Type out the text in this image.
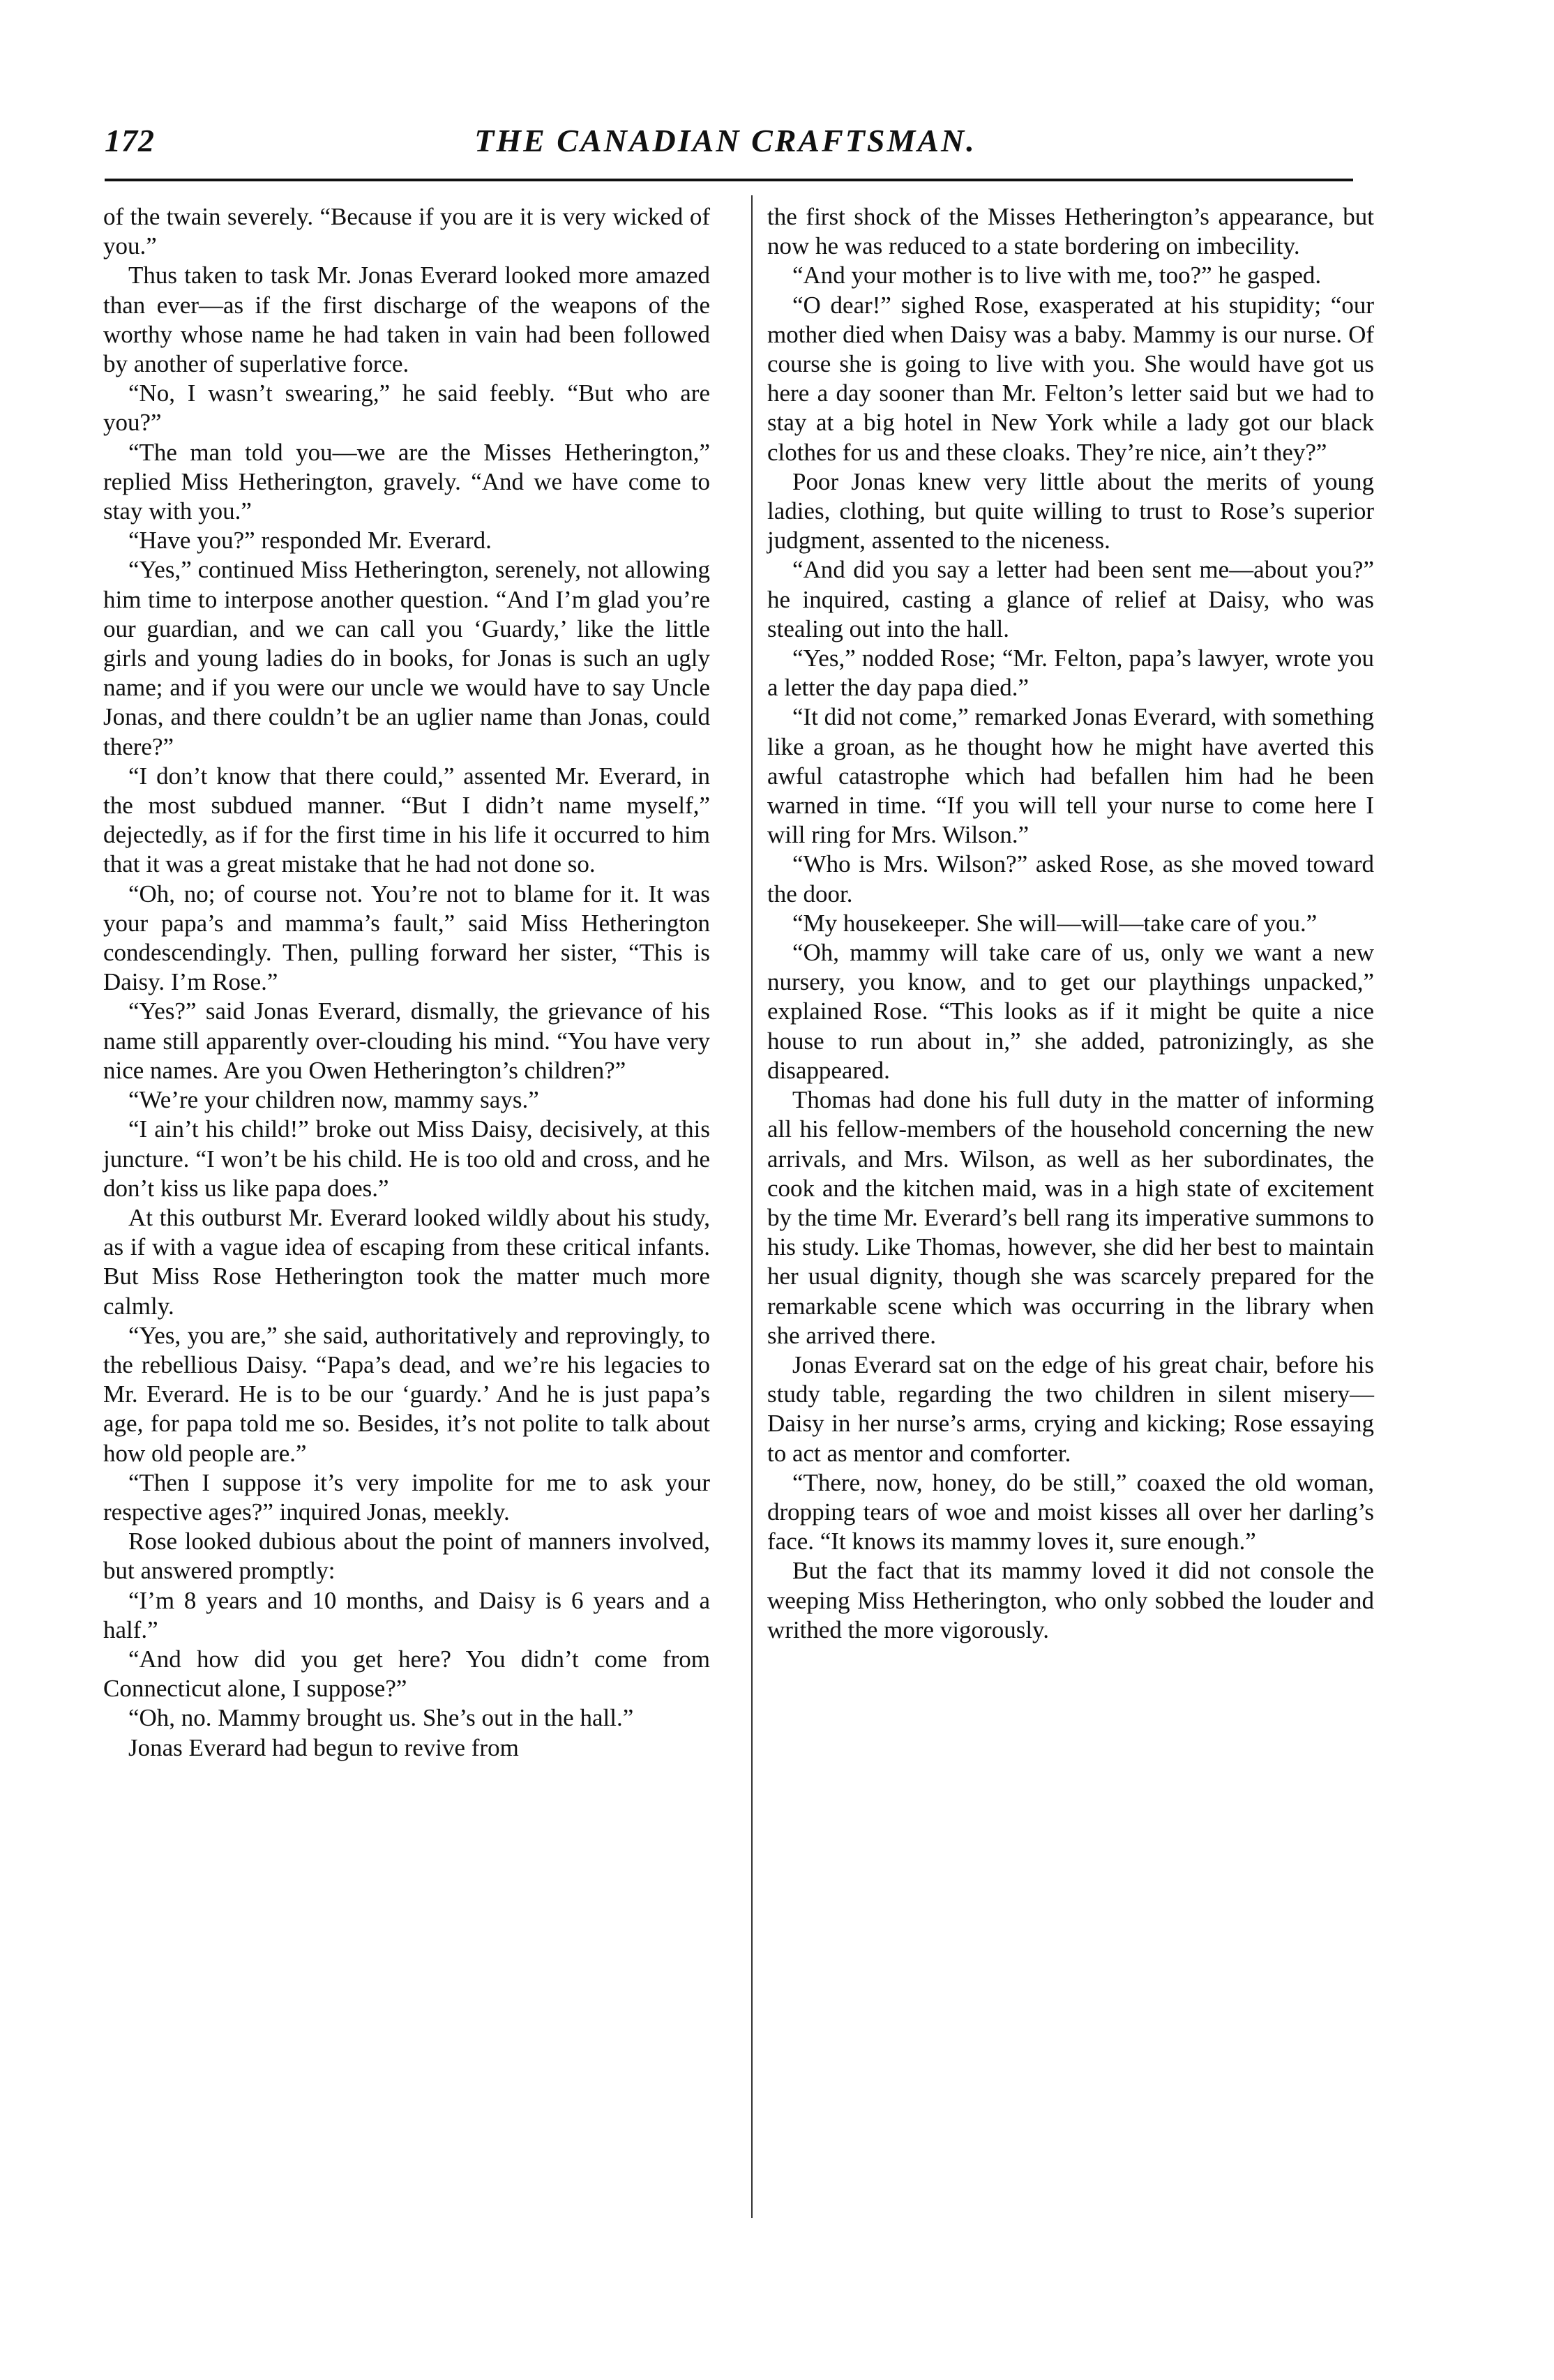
172	THE CANADIAN CRAFTSMAN.

of the twain severely. “Because if you are it is very wicked of you.”

Thus taken to task Mr. Jonas Everard looked more amazed than ever—as if the first discharge of the weapons of the worthy whose name he had taken in vain had been followed by another of superlative force.

“No, I wasn’t swearing,” he said feebly. “But who are you?”

“The man told you—we are the Misses Hetherington,” replied Miss Hetherington, gravely. “And we have come to stay with you.”

“Have you?” responded Mr. Everard.

“Yes,” continued Miss Hetherington, serenely, not allowing him time to interpose another question. “And I’m glad you’re our guardian, and we can call you ‘Guardy,’ like the little girls and young ladies do in books, for Jonas is such an ugly name; and if you were our uncle we would have to say Uncle Jonas, and there couldn’t be an uglier name than Jonas, could there?”

“I don’t know that there could,” assented Mr. Everard, in the most subdued manner. “But I didn’t name myself,” dejectedly, as if for the first time in his life it occurred to him that it was a great mistake that he had not done so.

“Oh, no; of course not. You’re not to blame for it. It was your papa’s and mamma’s fault,” said Miss Hetherington condescendingly. Then, pulling forward her sister, “This is Daisy. I’m Rose.”

“Yes?” said Jonas Everard, dismally, the grievance of his name still apparently over-clouding his mind. “You have very nice names. Are you Owen Hetherington’s children?”

“We’re your children now, mammy says.”

“I ain’t his child!” broke out Miss Daisy, decisively, at this juncture. “I won’t be his child. He is too old and cross, and he don’t kiss us like papa does.”

At this outburst Mr. Everard looked wildly about his study, as if with a vague idea of escaping from these critical infants. But Miss Rose Hetherington took the matter much more calmly.

“Yes, you are,” she said, authoritatively and reprovingly, to the rebellious Daisy. “Papa’s dead, and we’re his legacies to Mr. Everard. He is to be our ‘guardy.’ And he is just papa’s age, for papa told me so. Besides, it’s not polite to talk about how old people are.”

“Then I suppose it’s very impolite for me to ask your respective ages?” inquired Jonas, meekly.

Rose looked dubious about the point of manners involved, but answered promptly:

“I’m 8 years and 10 months, and Daisy is 6 years and a half.”

“And how did you get here? You didn’t come from Connecticut alone, I suppose?”

“Oh, no. Mammy brought us. She’s out in the hall.”

Jonas Everard had begun to revive from

the first shock of the Misses Hetherington’s appearance, but now he was reduced to a state bordering on imbecility.

“And your mother is to live with me, too?” he gasped.

“O dear!” sighed Rose, exasperated at his stupidity; “our mother died when Daisy was a baby. Mammy is our nurse. Of course she is going to live with you. She would have got us here a day sooner than Mr. Felton’s letter said but we had to stay at a big hotel in New York while a lady got our black clothes for us and these cloaks. They’re nice, ain’t they?”

Poor Jonas knew very little about the merits of young ladies, clothing, but quite willing to trust to Rose’s superior judgment, assented to the niceness.

“And did you say a letter had been sent me—about you?” he inquired, casting a glance of relief at Daisy, who was stealing out into the hall.

“Yes,” nodded Rose; “Mr. Felton, papa’s lawyer, wrote you a letter the day papa died.”

“It did not come,” remarked Jonas Everard, with something like a groan, as he thought how he might have averted this awful catastrophe which had befallen him had he been warned in time. “If you will tell your nurse to come here I will ring for Mrs. Wilson.”

“Who is Mrs. Wilson?” asked Rose, as she moved toward the door.

“My housekeeper. She will—will—take care of you.”

“Oh, mammy will take care of us, only we want a new nursery, you know, and to get our playthings unpacked,” explained Rose. “This looks as if it might be quite a nice house to run about in,” she added, patronizingly, as she disappeared.

Thomas had done his full duty in the matter of informing all his fellow-members of the household concerning the new arrivals, and Mrs. Wilson, as well as her subordinates, the cook and the kitchen maid, was in a high state of excitement by the time Mr. Everard’s bell rang its imperative summons to his study. Like Thomas, however, she did her best to maintain her usual dignity, though she was scarcely prepared for the remarkable scene which was occurring in the library when she arrived there.

Jonas Everard sat on the edge of his great chair, before his study table, regarding the two children in silent misery—Daisy in her nurse’s arms, crying and kicking; Rose essaying to act as mentor and comforter.

“There, now, honey, do be still,” coaxed the old woman, dropping tears of woe and moist kisses all over her darling’s face. “It knows its mammy loves it, sure enough.”

But the fact that its mammy loved it did not console the weeping Miss Hetherington, who only sobbed the louder and writhed the more vigorously.
